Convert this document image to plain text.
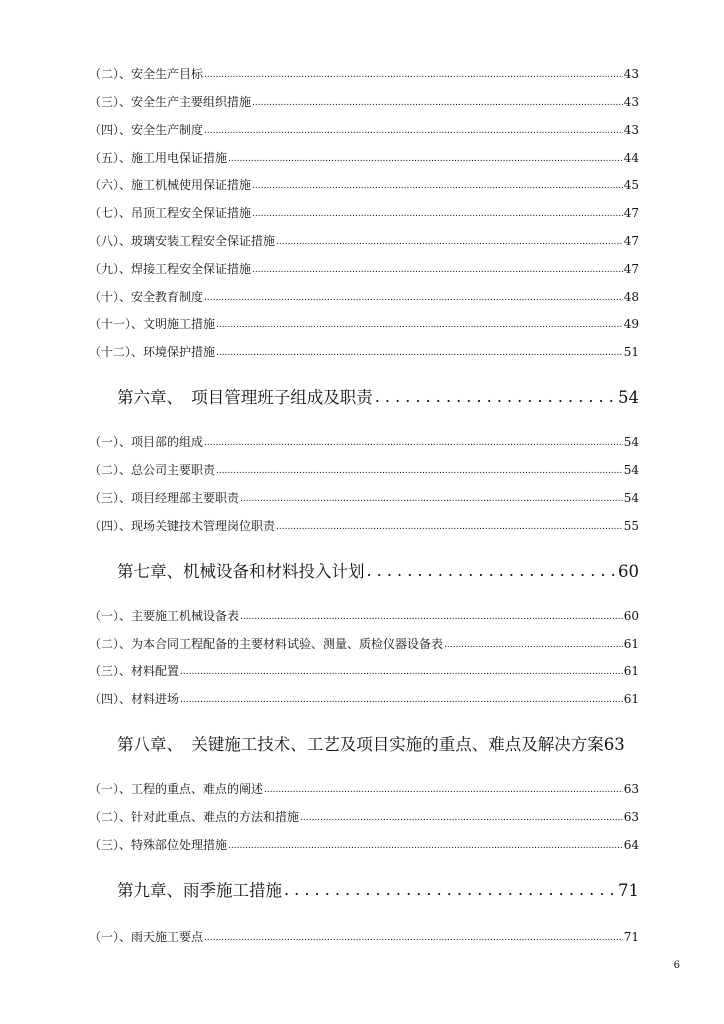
（二）、安全生产目标 .....	43
（三）、安全生产主要组织措施 .....	43
（四）、安全生产制度 .....	43
（五）、施工用电保证措施 .....	44
（六）、施工机械使用保证措施 .....	45
（七）、吊顶工程安全保证措施 .....	47
（八）、玻璃安装工程安全保证措施 .....	47
（九）、焊接工程安全保证措施 .....	47
（十）、安全教育制度 .....	48
（十一）、文明施工措施 .....	49
（十二）、环境保护措施 .....	51
第六章、　项目管理班子组成及职责 . . .	54
（一）、项目部的组成 .....	54
（二）、总公司主要职责 .....	54
（三）、项目经理部主要职责 .....	54
（四）、现场关键技术管理岗位职责 .....	55
第七章、机械设备和材料投入计划 . . .	60
（一）、主要施工机械设备表 .....	60
（二）、为本合同工程配备的主要材料试验、测量、质检仪器设备表 .....	61
（三）、材料配置 .....	61
（四）、材料进场 .....	61
第八章、　关键施工技术、工艺及项目实施的重点、难点及解决方案 63
（一）、工程的重点、难点的阐述 .....	63
（二）、针对此重点、难点的方法和措施 .....	63
（三）、特殊部位处理措施 .....	64
第九章、雨季施工措施 . . .	71
（一）、雨天施工要点 .....	71
6
